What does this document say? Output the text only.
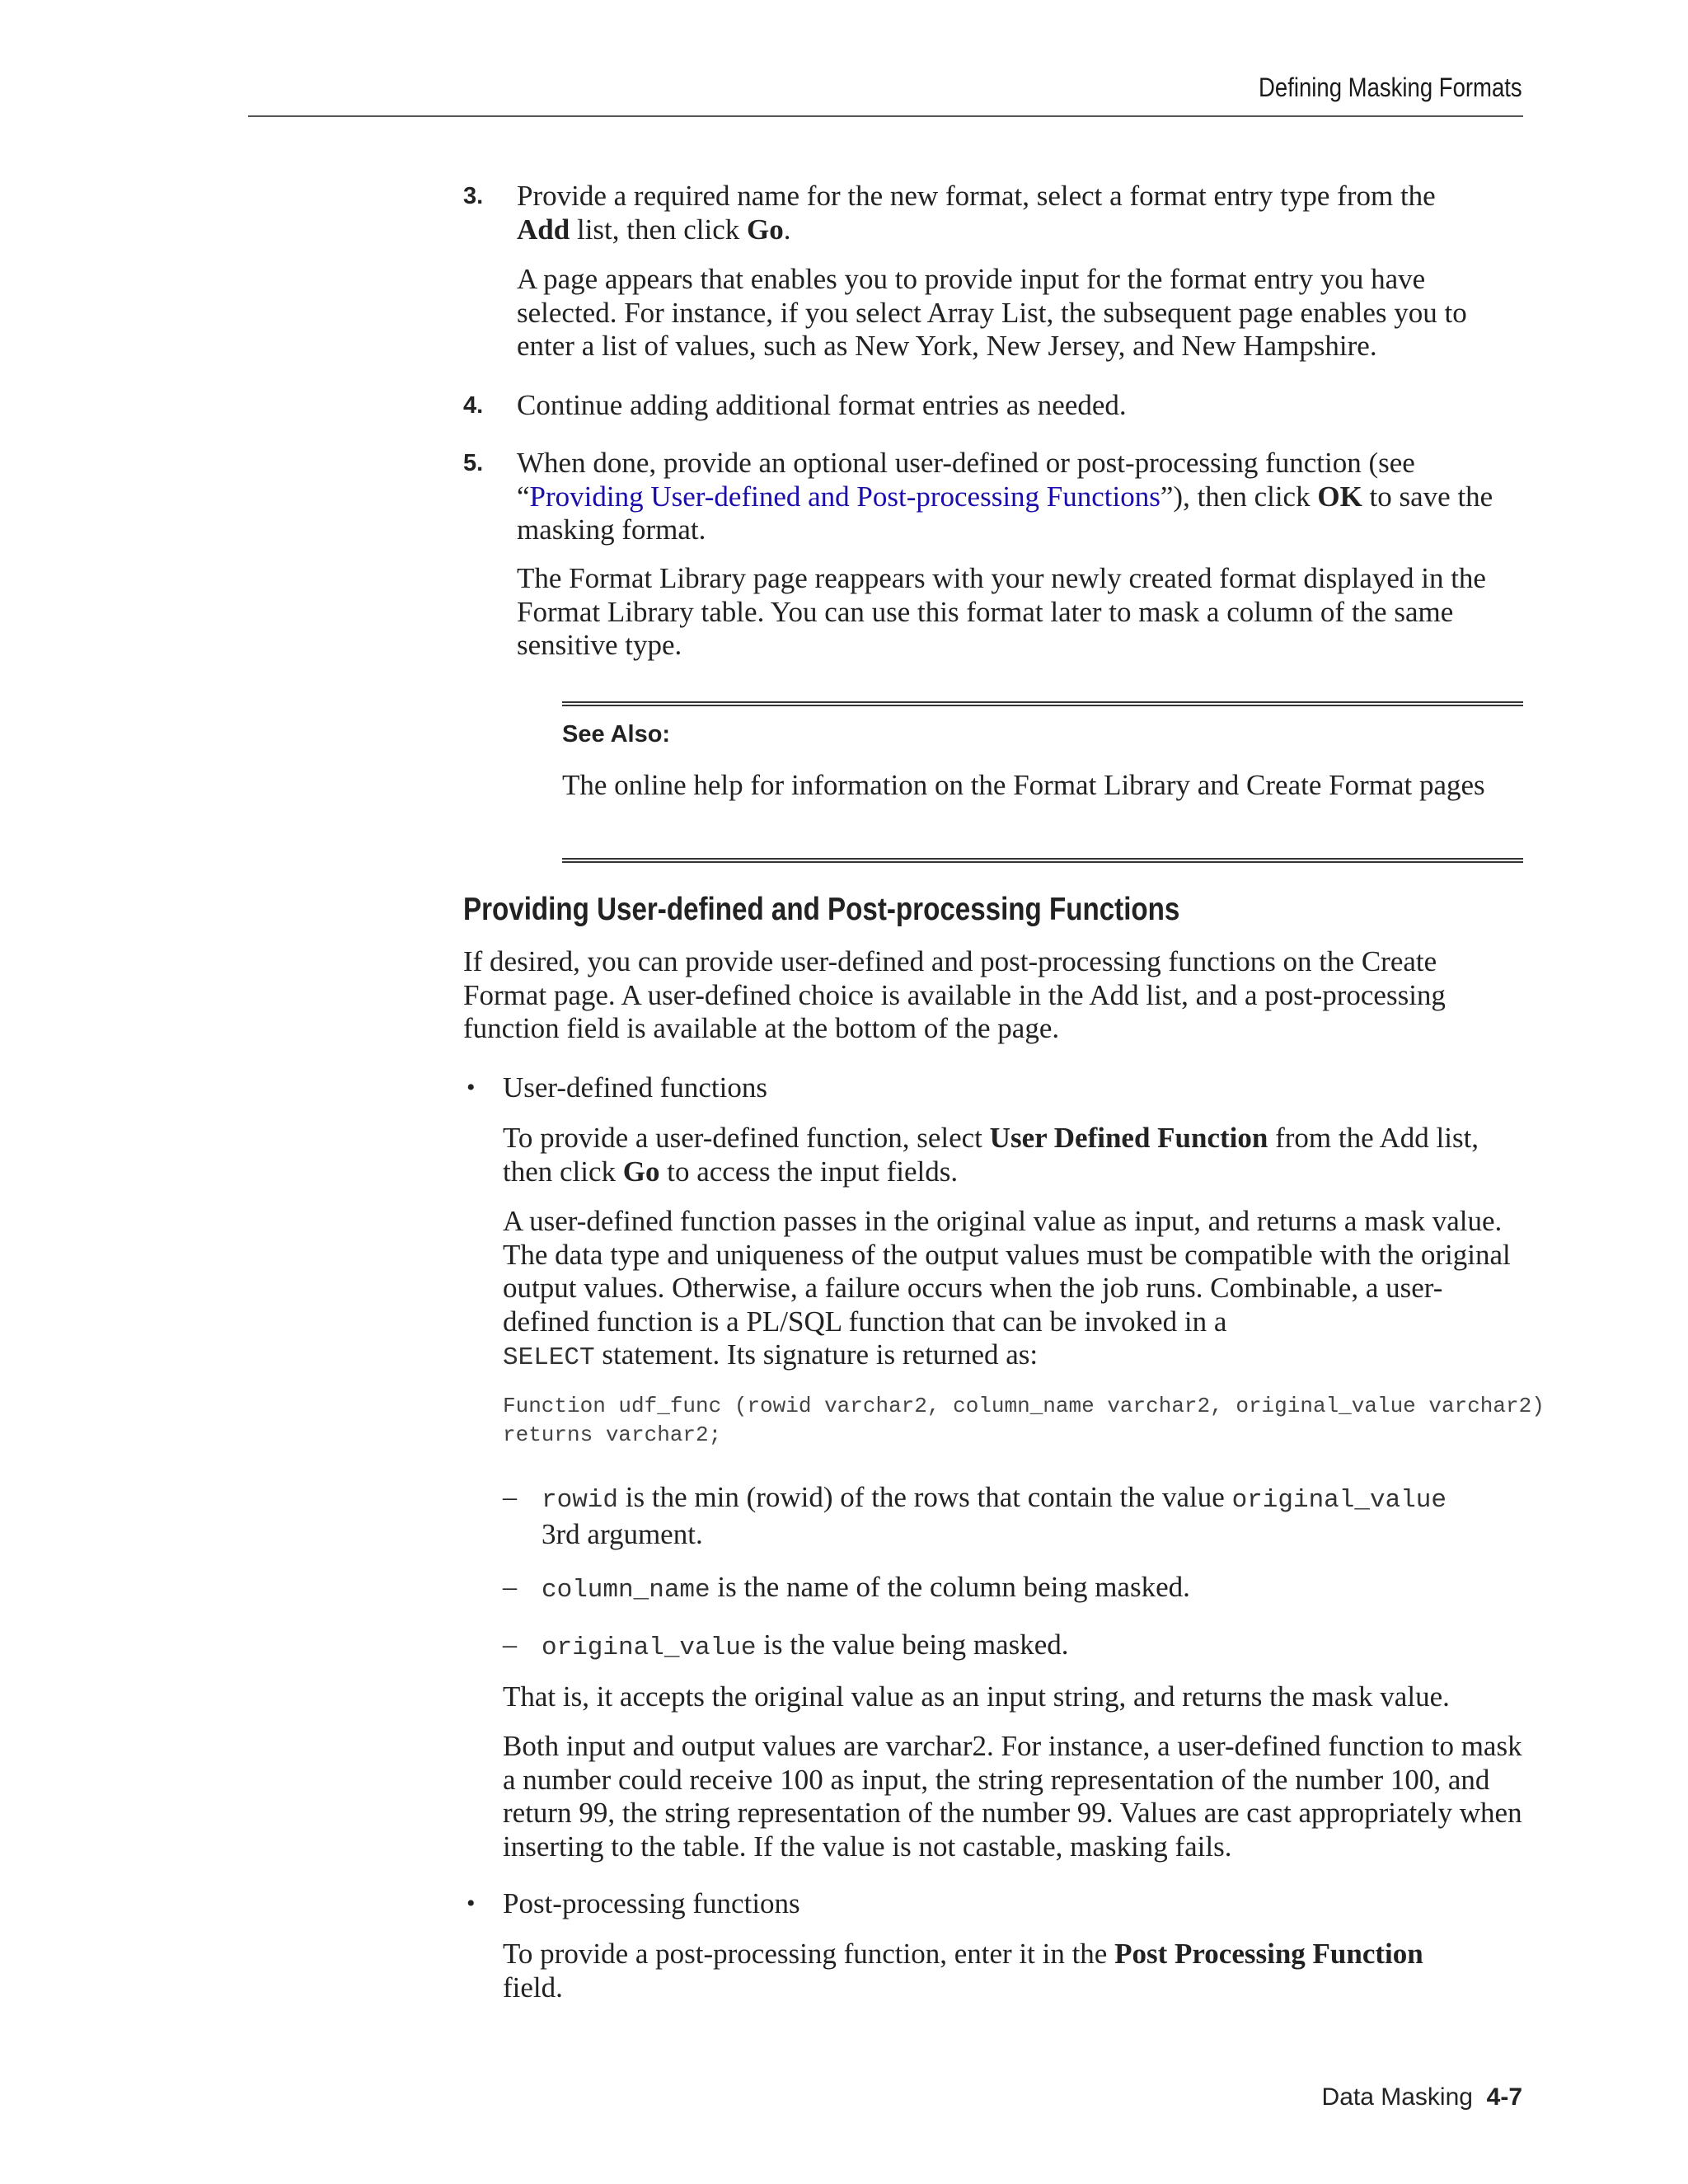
Defining Masking Formats
3. Provide a required name for the new format, select a format entry type from the
Add list, then click Go.
A page appears that enables you to provide input for the format entry you have selected. For instance, if you select Array List, the subsequent page enables you to enter a list of values, such as New York, New Jersey, and New Hampshire.
4. Continue adding additional format entries as needed.
5. When done, provide an optional user-defined or post-processing function (see
“Providing User-defined and Post-processing Functions”), then click OK to save the masking format.
The Format Library page reappears with your newly created format displayed in the Format Library table. You can use this format later to mask a column of the same sensitive type.
See Also:
The online help for information on the Format Library and Create Format pages
Providing User-defined and Post-processing Functions
If desired, you can provide user-defined and post-processing functions on the Create Format page. A user-defined choice is available in the Add list, and a post-processing function field is available at the bottom of the page.
• User-defined functions
To provide a user-defined function, select User Defined Function from the Add list, then click Go to access the input fields.
A user-defined function passes in the original value as input, and returns a mask value. The data type and uniqueness of the output values must be compatible with the original output values. Otherwise, a failure occurs when the job runs. Combinable, a user-defined function is a PL/SQL function that can be invoked in a
SELECT statement. Its signature is returned as:
Function udf_func (rowid varchar2, column_name varchar2, original_value varchar2)
returns varchar2;
– rowid is the min (rowid) of the rows that contain the value original_value
3rd argument.
– column_name is the name of the column being masked.
– original_value is the value being masked.
That is, it accepts the original value as an input string, and returns the mask value.
Both input and output values are varchar2. For instance, a user-defined function to mask a number could receive 100 as input, the string representation of the number 100, and return 99, the string representation of the number 99. Values are cast appropriately when inserting to the table. If the value is not castable, masking fails.
• Post-processing functions
To provide a post-processing function, enter it in the Post Processing Function
field.
Data Masking 4-7
